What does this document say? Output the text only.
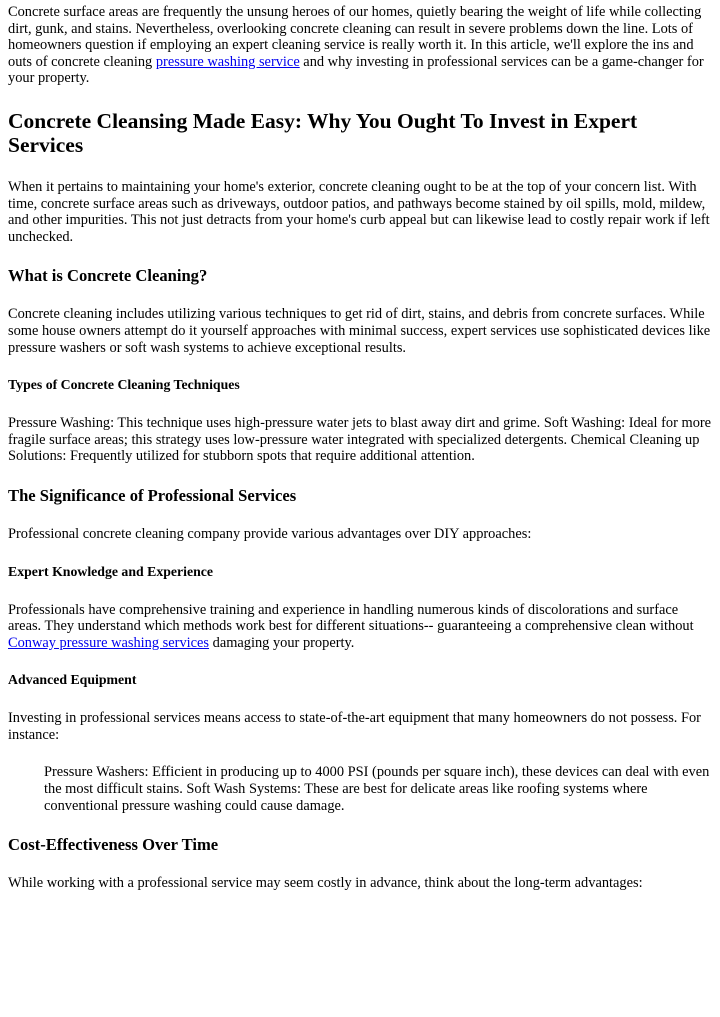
Concrete surface areas are frequently the unsung heroes of our homes, quietly bearing the weight of life while collecting dirt, gunk, and stains. Nevertheless, overlooking concrete cleaning can result in severe problems down the line. Lots of homeowners question if employing an expert cleaning service is really worth it. In this article, we'll explore the ins and outs of concrete cleaning pressure washing service and why investing in professional services can be a game-changer for your property.

Concrete Cleansing Made Easy: Why You Ought To Invest in Expert Services

When it pertains to maintaining your home's exterior, concrete cleaning ought to be at the top of your concern list. With time, concrete surface areas such as driveways, outdoor patios, and pathways become stained by oil spills, mold, mildew, and other impurities. This not just detracts from your home's curb appeal but can likewise lead to costly repair work if left unchecked.

What is Concrete Cleaning?

Concrete cleaning includes utilizing various techniques to get rid of dirt, stains, and debris from concrete surfaces. While some house owners attempt do it yourself approaches with minimal success, expert services use sophisticated devices like pressure washers or soft wash systems to achieve exceptional results.

Types of Concrete Cleaning Techniques

Pressure Washing: This technique uses high-pressure water jets to blast away dirt and grime. Soft Washing: Ideal for more fragile surface areas; this strategy uses low-pressure water integrated with specialized detergents. Chemical Cleaning up Solutions: Frequently utilized for stubborn spots that require additional attention.

The Significance of Professional Services

Professional concrete cleaning company provide various advantages over DIY approaches:

Expert Knowledge and Experience

Professionals have comprehensive training and experience in handling numerous kinds of discolorations and surface areas. They understand which methods work best for different situations-- guaranteeing a comprehensive clean without Conway pressure washing services damaging your property.

Advanced Equipment

Investing in professional services means access to state-of-the-art equipment that many homeowners do not possess. For instance:

Pressure Washers: Efficient in producing up to 4000 PSI (pounds per square inch), these devices can deal with even the most difficult stains. Soft Wash Systems: These are best for delicate areas like roofing systems where conventional pressure washing could cause damage.

Cost-Effectiveness Over Time

While working with a professional service may seem costly in advance, think about the long-term advantages:
